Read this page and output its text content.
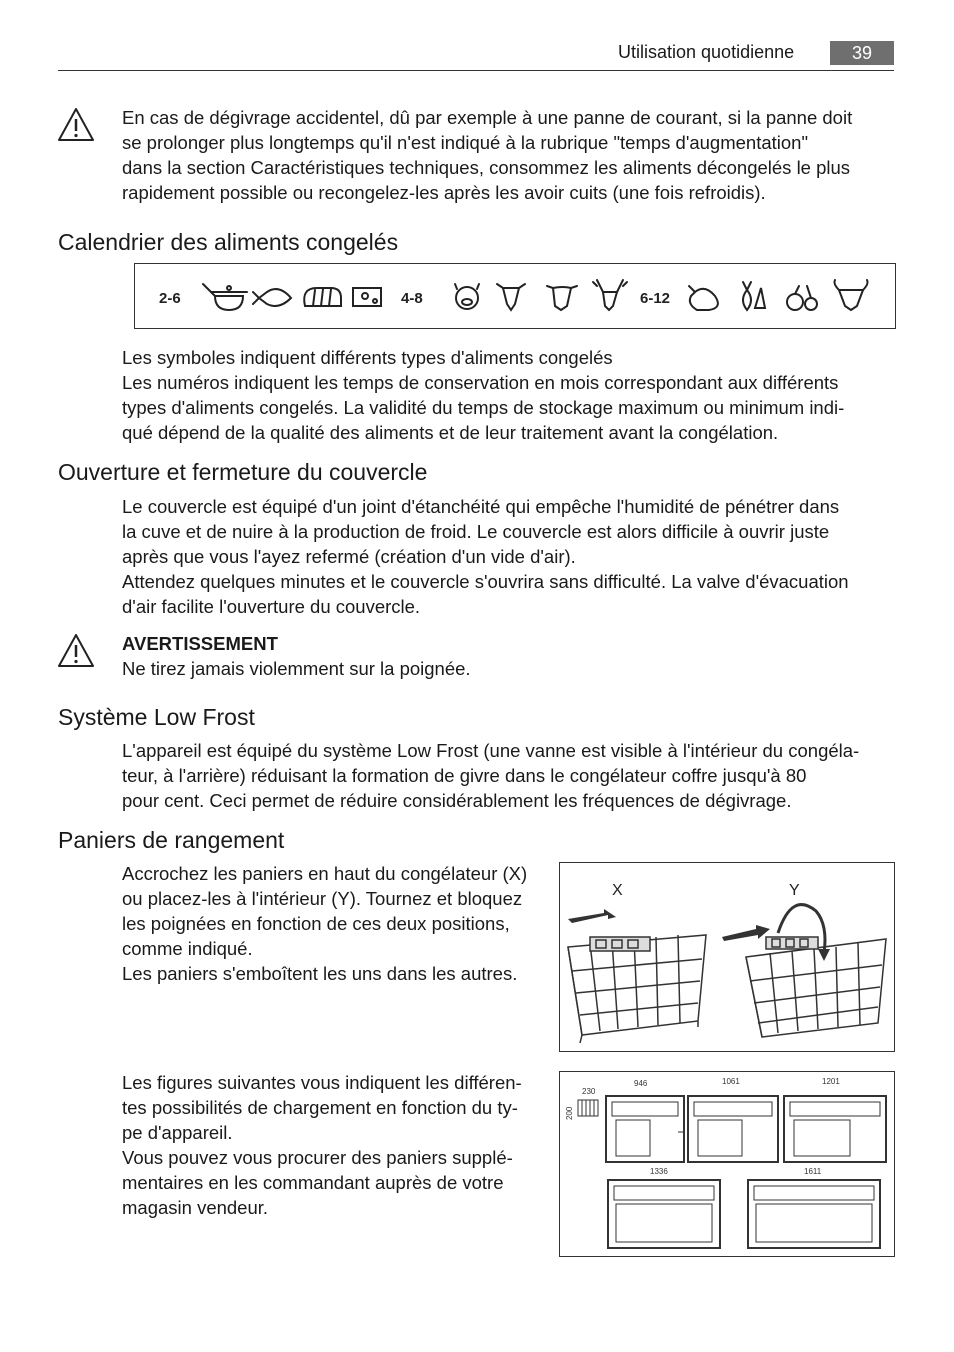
Utilisation quotidienne	39
En cas de dégivrage accidentel, dû par exemple à une panne de courant, si la panne doit
se prolonger plus longtemps qu'il n'est indiqué à la rubrique "temps d'augmentation"
dans la section Caractéristiques techniques, consommez les aliments décongelés le plus
rapidement possible ou recongelez-les après les avoir cuits (une fois refroidis).
Calendrier des aliments congelés
2-6	4-8	6-12
Les symboles indiquent différents types d'aliments congelés
Les numéros indiquent les temps de conservation en mois correspondant aux différents
types d'aliments congelés. La validité du temps de stockage maximum ou minimum indi-
qué dépend de la qualité des aliments et de leur traitement avant la congélation.
Ouverture et fermeture du couvercle
Le couvercle est équipé d'un joint d'étanchéité qui empêche l'humidité de pénétrer dans
la cuve et de nuire à la production de froid. Le couvercle est alors difficile à ouvrir juste
après que vous l'ayez refermé (création d'un vide d'air).
Attendez quelques minutes et le couvercle s'ouvrira sans difficulté. La valve d'évacuation
d'air facilite l'ouverture du couvercle.
AVERTISSEMENT
Ne tirez jamais violemment sur la poignée.
Système Low Frost
L'appareil est équipé du système Low Frost (une vanne est visible à l'intérieur du congéla-
teur, à l'arrière) réduisant la formation de givre dans le congélateur coffre jusqu'à 80
pour cent. Ceci permet de réduire considérablement les fréquences de dégivrage.
Paniers de rangement
Accrochez les paniers en haut du congélateur (X)
ou placez-les à l'intérieur (Y). Tournez et bloquez
les poignées en fonction de ces deux positions,
comme indiqué.
Les paniers s'emboîtent les uns dans les autres.
X	Y
Les figures suivantes vous indiquent les différen-
tes possibilités de chargement en fonction du ty-
pe d'appareil.
Vous pouvez vous procurer des paniers supplé-
mentaires en les commandant auprès de votre
magasin vendeur.
230
200
946	1061	1201
1336	1611
